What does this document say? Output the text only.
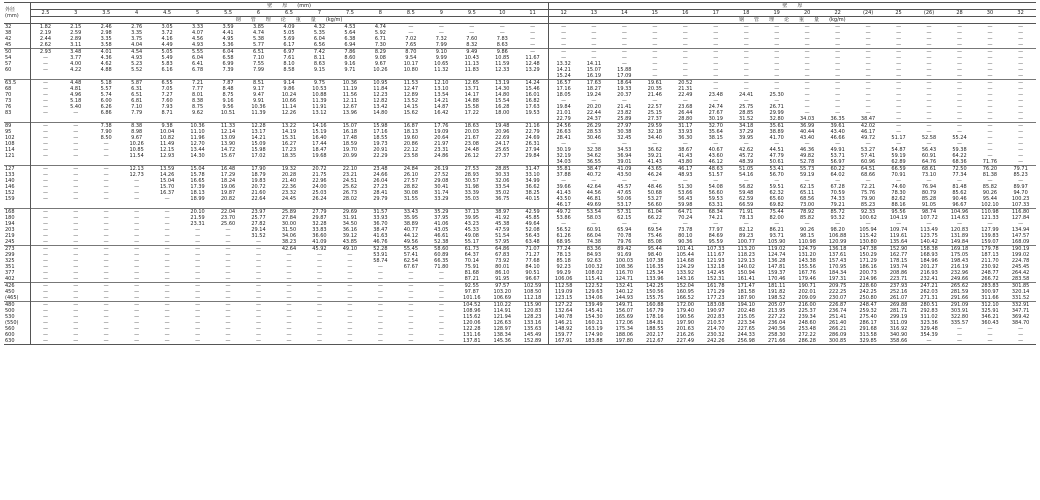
外径
(mm)	壁　　厚　　 (mm)																	壁　　厚															
	2.5	3	3.5	4	4.5	5	5.5	6	6.5	7	7.5	8	8.5	9	9.5	10	11	12	13	14	15	16	17	18	19	20	22	(24)	25	(26)	28	30	32
	钢　　管　　理　　论　　重　　量　　 (kg/m)																	钢　　管　　理　　论　　重　　量　　 (kg/m)															
32	1.82	2.15	2.46	2.76	3.05	3.33	3.59	3.85	4.09	4.32	4.53	4.74	—	—	—	—	—	—	—	—	—	—	—	—	—	—	—	—	—	—	—	—	—
38	2.19	2.59	2.98	3.35	3.72	4.07	4.41	4.74	5.05	5.35	5.64	5.92	—	—	—	—	—	—	—	—	—	—	—	—	—	—	—	—	—	—	—	—	—
42	2.44	2.89	3.35	3.75	4.16	4.56	4.95	5.38	5.69	6.04	6.38	6.71	7.02	7.32	7.60	7.83	—	—	—	—	—	—	—	—	—	—	—	—	—	—	—	—	—
45	2.62	3.11	3.58	4.04	4.49	4.93	5.36	5.77	6.17	6.56	6.94	7.30	7.65	7.99	8.32	8.63	—	—	—	—	—	—	—	—	—	—	—	—	—	—	—	—	—
50	2.93	3.48	4.01	4.54	5.05	5.55	6.04	6.51	6.97	7.42	7.86	8.29	8.70	9.10	9.49	9.86	—	—	—	—	—	—	—	—	—	—	—	—	—	—	—	—	—
54	—	3.77	4.36	4.93	5.49	6.04	6.58	7.10	7.61	8.11	8.60	9.08	9.54	9.99	10.43	10.85	11.67	—	—	—	—	—	—	—	—	—	—	—	—	—	—	—	—
57	—	4.00	4.62	5.23	5.83	6.41	6.99	7.55	8.10	8.63	9.16	9.67	10.17	10.65	11.13	11.59	12.48	13.32	14.11	—	—	—	—	—	—	—	—	—	—	—	—	—	—
60	—	4.22	4.88	5.52	6.16	6.78	7.39	7.99	8.58	9.15	9.71	10.26	10.80	11.32	11.83	12.33	13.29	14.21	15.07	15.88	—	—	—	—	—	—	—	—	—	—	—	—	—
																		15.24	16.19	17.09	—	—	—	—	—	—	—	—	—	—	—	—	—
63.5	—	4.48	5.18	5.87	6.55	7.21	7.87	8.51	9.14	9.75	10.36	10.95	11.53	12.10	12.65	13.19	14.24	16.57	17.63	18.64	19.61	20.52	—	—	—	—	—	—	—	—	—	—	—
68	—	4.81	5.57	6.31	7.05	7.77	8.48	9.17	9.86	10.53	11.19	11.84	12.47	13.10	13.71	14.30	15.46	17.16	18.27	19.33	20.35	21.31	—	—	—	—	—	—	—	—	—	—	—
70	—	4.96	5.74	6.51	7.27	8.01	8.75	9.47	10.24	10.88	11.56	12.23	12.89	13.54	14.17	14.80	16.01	18.05	19.24	20.37	21.46	22.49	23.48	24.41	25.30	—	—	—	—	—	—	—	—
73	—	5.18	6.00	6.81	7.60	8.38	9.16	9.91	10.66	11.39	12.11	12.82	13.52	14.21	14.88	15.54	16.82	—	—	—	—	—	—	—	—	—	—	—	—	—	—	—	—
76	—	5.40	6.26	7.10	7.93	8.75	9.56	10.36	11.14	11.91	12.67	13.42	14.15	14.87	15.58	16.28	17.63	19.84	20.20	21.41	22.57	23.68	24.74	25.75	26.71	—	—	—	—	—	—	—	—
83	—	—	6.86	7.79	8.71	9.62	10.51	11.39	12.26	13.12	13.96	14.80	15.62	16.42	17.22	18.00	19.53	21.01	22.44	23.82	25.15	26.44	27.67	28.85	29.99	—	—	—	—	—	—	—	—
																		22.79	24.37	25.89	27.37	28.80	30.19	31.52	32.80	34.03	36.35	38.47	—	—	—	—	—
89	—	—	7.38	8.38	9.38	10.36	11.33	12.28	13.22	14.16	15.07	15.98	16.87	17.76	18.63	19.48	21.16	24.56	26.29	27.97	29.59	31.17	32.70	34.18	35.61	36.99	39.61	42.02	—	—	—	—	—
95	—	—	7.90	8.98	10.04	11.10	12.14	13.17	14.19	15.19	16.18	17.16	18.13	19.09	20.03	20.96	22.79	26.63	28.53	30.38	32.18	33.93	35.64	37.29	38.89	40.44	43.40	46.17	—	—	—	—	—
102	—	—	8.50	9.67	10.82	11.96	13.09	14.21	15.31	16.40	17.48	18.55	19.60	20.64	21.67	22.69	24.69	28.41	30.46	32.45	34.40	36.30	38.15	39.95	41.70	43.40	46.66	49.72	51.17	52.58	55.24	—	—
108	—	—	—	10.26	11.49	12.70	13.90	15.09	16.27	17.44	18.59	19.73	20.86	21.97	23.08	24.17	26.31	—	—	—	—	—	—	—	—	—	—	—	—	—	—	—	—
114	—	—	—	10.85	12.15	13.44	14.72	15.98	17.23	18.47	19.70	20.91	22.12	23.31	24.48	25.65	27.94	30.19	32.38	34.53	36.62	38.67	40.67	42.62	44.51	46.36	49.91	53.27	54.87	56.43	59.38	—	—
121	—	—	—	11.54	12.93	14.30	15.67	17.02	18.35	19.68	20.99	22.29	23.58	24.86	26.12	27.37	29.84	32.19	34.62	36.94	39.21	41.43	43.60	45.72	47.79	49.82	53.71	57.41	59.19	60.91	64.22	—	—
																		34.03	36.55	39.01	41.43	43.80	46.12	48.39	50.61	52.78	56.97	60.96	62.89	64.76	68.36	71.76	—
127	—	—	—	12.13	13.59	15.04	16.48	17.90	19.32	20.72	22.10	23.48	24.84	26.19	27.53	28.85	31.47	35.81	38.47	41.09	43.65	46.17	48.63	51.05	53.41	55.73	60.22	64.51	66.59	68.61	72.50	76.20	79.71
133	—	—	—	12.73	14.26	15.78	17.29	18.79	20.28	21.75	23.21	24.66	26.10	27.52	28.93	30.33	33.10	37.88	40.72	43.50	46.24	48.93	51.57	54.16	56.70	59.19	64.02	68.66	70.91	73.10	77.34	81.38	85.23
140	—	—	—	—	15.04	16.65	18.24	19.83	21.40	22.96	24.51	26.04	27.57	29.08	30.57	32.06	34.99	—	—	—	—	—	—	—	—	—	—	—	—	—	—	—	—
146	—	—	—	—	15.70	17.39	19.06	20.72	22.36	24.00	25.62	27.23	28.82	30.41	31.98	33.54	36.62	39.66	42.64	45.57	48.46	51.30	54.08	56.82	59.51	62.15	67.28	72.21	74.60	76.94	81.48	85.82	89.97
152	—	—	—	—	16.37	18.13	19.87	21.60	23.32	25.03	26.73	28.41	30.08	31.74	33.39	35.02	38.25	41.43	44.56	47.65	50.68	53.66	56.60	59.48	62.32	65.11	70.59	75.76	78.30	80.79	85.62	90.26	94.70
159	—	—	—	—	—	18.99	20.82	22.64	24.45	26.24	28.02	29.79	31.55	33.29	35.03	36.75	40.15	43.50	46.81	50.06	53.27	56.43	59.53	62.59	65.60	68.56	74.33	79.90	82.62	85.28	90.46	95.44	100.23
																		46.17	49.69	53.17	56.60	59.98	63.31	66.59	69.82	73.00	79.21	85.23	88.16	91.05	96.67	102.10	107.33
168	—	—	—	—	—	20.10	22.04	23.97	25.89	27.79	29.69	31.57	33.43	35.29	37.13	38.97	42.59	49.72	53.54	57.31	61.04	64.71	68.34	71.91	75.44	78.92	85.72	92.33	95.56	98.74	104.96	110.98	116.80
180	—	—	—	—	—	21.59	23.70	25.77	27.84	29.87	31.91	33.93	35.95	37.95	39.95	41.92	45.85	53.86	58.03	62.15	66.22	70.24	74.21	78.13	82.00	85.82	93.32	100.62	104.19	107.72	114.63	121.33	127.84
194	—	—	—	—	—	23.31	25.60	27.82	30.00	32.28	34.50	36.70	38.89	41.06	43.23	45.38	49.64	—	—	—	—	—	—	—	—	—	—	—	—	—	—	—	—
203	—	—	—	—	—	—	—	29.14	31.50	33.83	36.16	38.47	40.77	43.05	45.33	47.59	52.08	56.52	60.91	65.94	69.54	73.78	77.97	82.12	86.21	90.26	98.20	105.94	109.74	113.49	120.83	127.99	134.94
219	—	—	—	—	—	—	—	31.52	34.06	36.60	39.12	41.63	44.12	46.61	49.08	51.54	56.43	61.26	66.04	70.78	75.46	80.10	84.69	89.23	93.71	98.15	106.88	115.42	119.61	123.75	131.89	139.83	147.57
245	—	—	—	—	—	—	—	—	38.23	41.09	43.85	46.76	49.56	52.38	55.17	57.95	63.48	68.95	74.38	79.76	85.08	90.36	95.59	100.77	105.90	110.98	120.99	130.80	135.64	140.42	149.84	159.07	168.09
273	—	—	—	—	—	—	—	—	42.64	45.92	49.10	52.28	55.45	58.60	61.73	64.86	71.07	77.24	83.36	89.42	95.44	101.41	107.33	113.20	119.02	124.79	136.18	147.38	152.90	158.38	169.18	179.78	190.19
299	—	—	—	—	—	—	—	—	—	—	—	53.91	57.41	60.89	64.37	67.83	71.27	78.13	84.93	91.69	98.40	105.44	111.67	118.23	124.74	131.20	137.61	150.29	162.77	168.93	175.05	187.13	199.02
325	—	—	—	—	—	—	—	—	—	—	—	58.74	62.54	66.35	70.14	73.92	77.68	85.18	92.63	100.03	107.38	114.68	121.93	129.13	136.28	143.38	157.43	171.29	178.15	184.96	198.43	211.70	224.78
351	—	—	—	—	—	—	—	—	—	—	—	—	67.67	71.80	75.91	80.01	84.10	92.23	100.32	108.36	116.35	124.29	132.18	140.02	147.81	155.56	170.95	186.16	193.74	201.27	216.19	230.92	245.45
377	—	—	—	—	—	—	—	—	—	—	—	—	—	—	81.68	86.10	90.51	99.29	108.02	116.70	125.34	133.92	142.45	150.94	159.37	167.76	184.34	200.73	208.86	216.93	232.96	248.77	264.42
402	—	—	—	—	—	—	—	—	—	—	—	—	—	—	87.21	91.95	96.67	106.06	115.41	124.71	133.96	143.16	152.31	161.41	170.46	179.46	197.31	214.96	223.71	232.41	249.66	266.72	283.58
426	—	—	—	—	—	—	—	—	—	—	—	—	—	—	92.55	97.57	102.59	112.58	122.52	132.41	142.25	152.04	161.78	171.47	181.11	190.71	209.75	228.60	237.93	247.21	265.62	283.83	301.85
450	—	—	—	—	—	—	—	—	—	—	—	—	—	—	97.87	103.20	108.50	119.09	129.63	140.12	150.56	160.95	171.29	181.58	191.82	202.01	222.25	242.25	252.16	262.03	281.59	300.97	320.14
(465)	—	—	—	—	—	—	—	—	—	—	—	—	—	—	101.16	106.69	112.18	123.15	134.06	144.93	155.75	166.52	177.23	187.90	198.52	209.09	230.07	250.80	261.07	271.31	291.66	311.66	331.52
480	—	—	—	—	—	—	—	—	—	—	—	—	—	—	104.52	110.22	115.90	127.22	139.49	149.71	160.88	172.00	183.08	194.10	205.07	216.00	226.87	248.47	269.88	280.51	291.09	312.10	332.91
500	—	—	—	—	—	—	—	—	—	—	—	—	—	—	108.96	114.91	120.83	132.64	145.41	156.07	167.79	179.40	190.97	202.48	213.95	225.37	236.74	259.32	281.71	292.83	303.91	325.91	347.71
530	—	—	—	—	—	—	—	—	—	—	—	—	—	—	115.62	121.94	128.23	140.78	154.30	165.69	178.16	190.56	202.83	215.05	227.22	239.34	251.41	275.40	299.19	311.02	322.80	346.21	369.42
(550)	—	—	—	—	—	—	—	—	—	—	—	—	—	—	120.06	126.63	133.16	146.21	160.21	172.06	184.81	197.90	210.57	223.34	236.04	248.60	261.40	286.17	311.09	323.36	335.57	360.43	384.70
560	—	—	—	—	—	—	—	—	—	—	—	—	—	—	122.28	128.97	135.63	148.92	163.19	175.34	188.55	201.63	214.70	227.65	240.56	253.48	266.21	291.68	316.92	329.48	—	—	—
600	—	—	—	—	—	—	—	—	—	—	—	—	—	—	131.16	138.34	145.49	159.77	174.90	188.06	202.17	216.26	230.32	244.33	258.30	272.22	286.09	313.58	340.90	354.39	—	—	—
630	—	—	—	—	—	—	—	—	—	—	—	—	—	—	137.81	145.36	152.89	167.91	183.88	197.80	212.67	227.49	242.26	256.98	271.66	286.28	300.85	329.85	358.66	—	—	—	—
